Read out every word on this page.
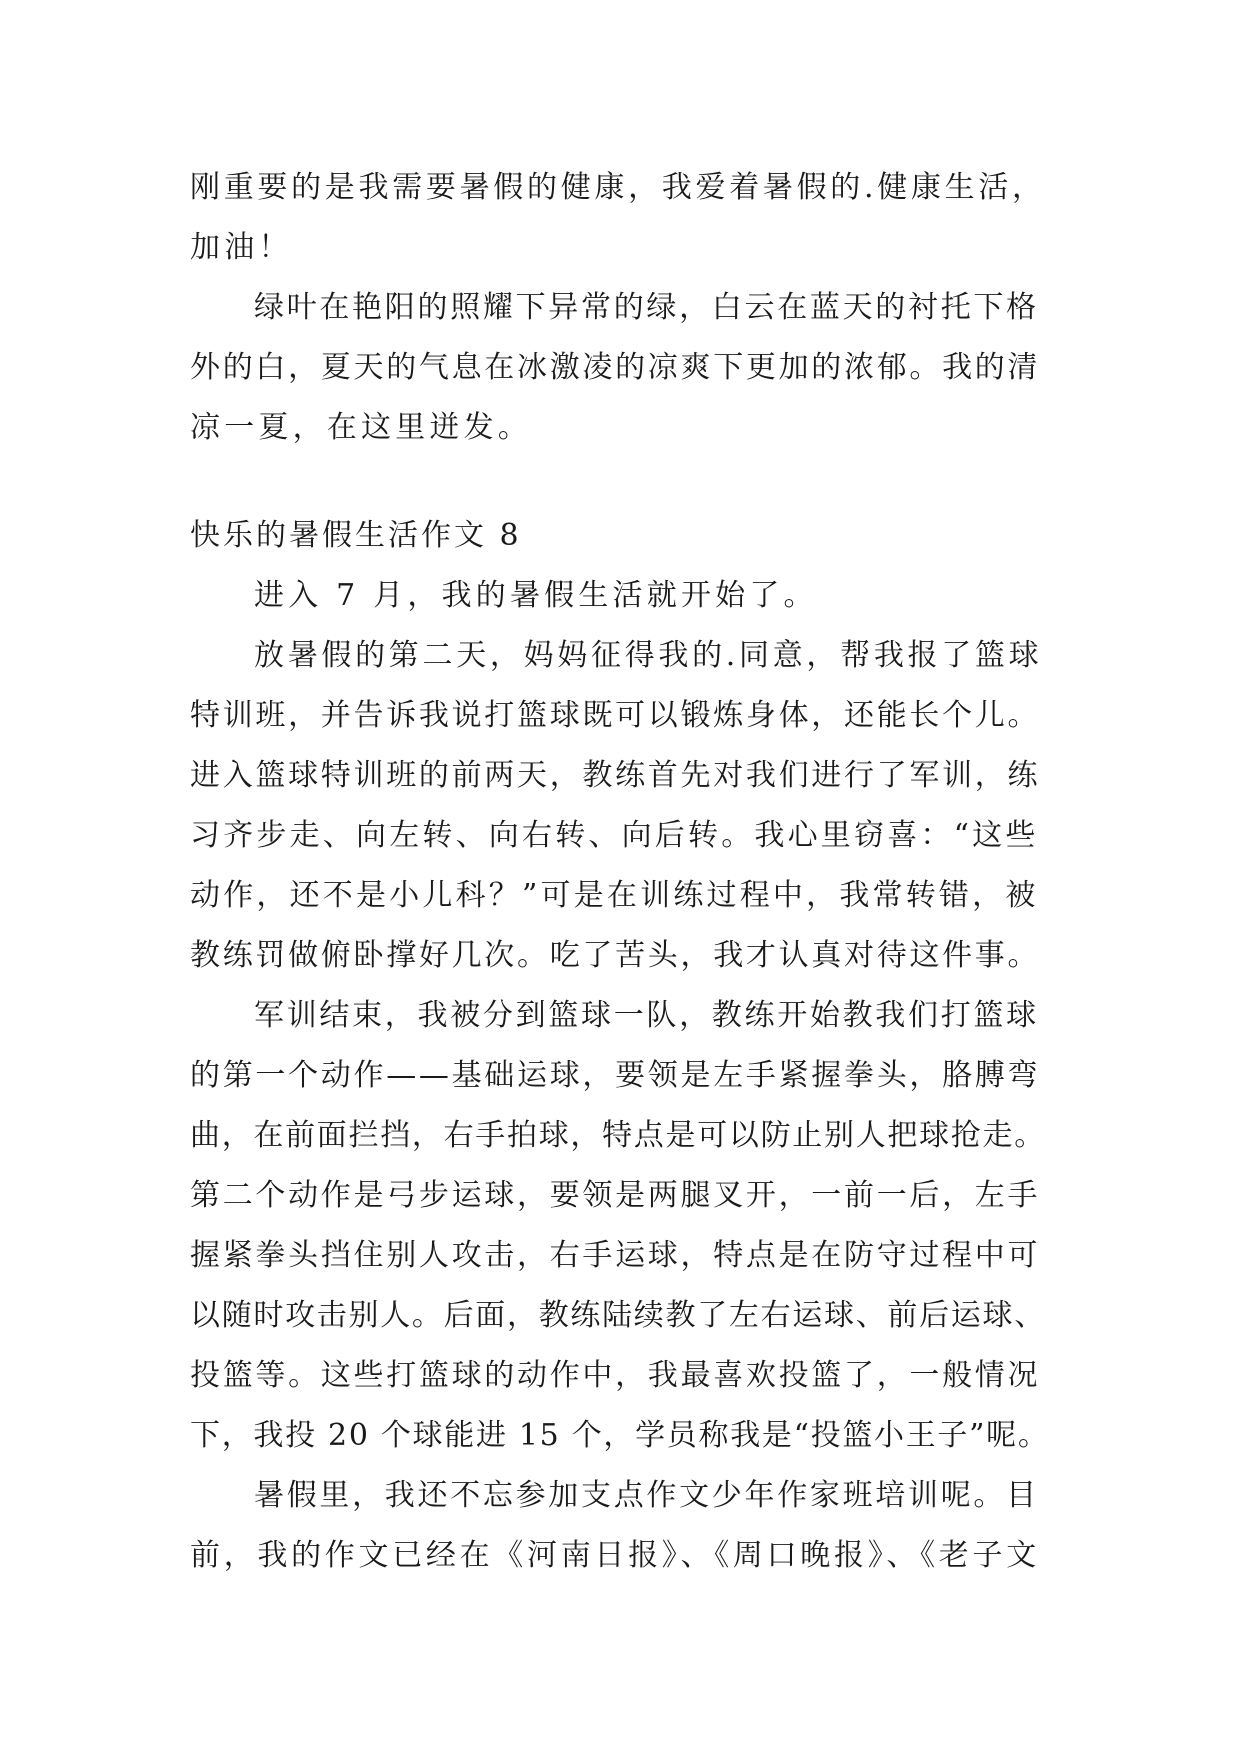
刚重要的是我需要暑假的健康，我爱着暑假的.健康生活，
加油！
绿叶在艳阳的照耀下异常的绿，白云在蓝天的衬托下格
外的白，夏天的气息在冰激凌的凉爽下更加的浓郁。我的清
凉一夏，在这里迸发。
快乐的暑假生活作文 8
进入 7 月，我的暑假生活就开始了。
放暑假的第二天，妈妈征得我的.同意，帮我报了篮球
特训班，并告诉我说打篮球既可以锻炼身体，还能长个儿。
进入篮球特训班的前两天，教练首先对我们进行了军训，练
习齐步走、向左转、向右转、向后转。我心里窃喜：“这些
动作，还不是小儿科？”可是在训练过程中，我常转错，被
教练罚做俯卧撑好几次。吃了苦头，我才认真对待这件事。
军训结束，我被分到篮球一队，教练开始教我们打篮球
的第一个动作——基础运球，要领是左手紧握拳头，胳膊弯
曲，在前面拦挡，右手拍球，特点是可以防止别人把球抢走。
第二个动作是弓步运球，要领是两腿叉开，一前一后，左手
握紧拳头挡住别人攻击，右手运球，特点是在防守过程中可
以随时攻击别人。后面，教练陆续教了左右运球、前后运球、
投篮等。这些打篮球的动作中，我最喜欢投篮了，一般情况
下，我投 20 个球能进 15 个，学员称我是“投篮小王子”呢。
暑假里，我还不忘参加支点作文少年作家班培训呢。目
前，我的作文已经在《河南日报》、《周口晚报》、《老子文
